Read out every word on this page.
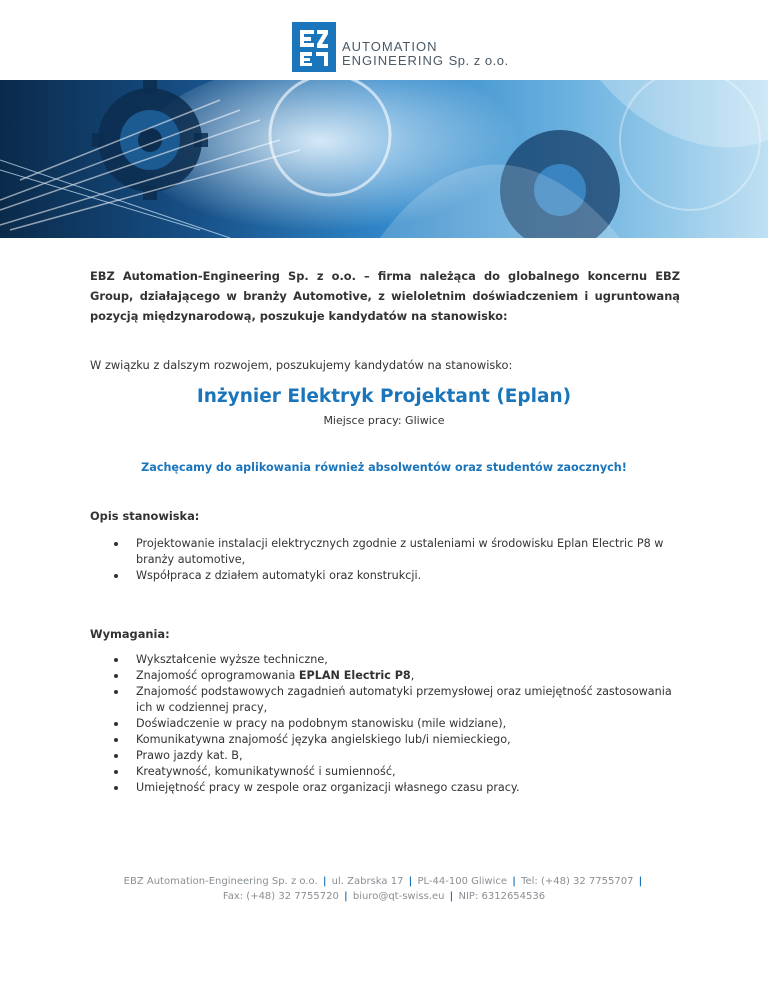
AUTOMATION
ENGINEERING Sp. z o.o.
EBZ Automation-Engineering Sp. z o.o. – firma należąca do globalnego koncernu EBZ Group, działającego w branży Automotive, z wieloletnim doświadczeniem i ugruntowaną pozycją międzynarodową, poszukuje kandydatów na stanowisko:
W związku z dalszym rozwojem, poszukujemy kandydatów na stanowisko:
Inżynier Elektryk Projektant (Eplan)
Miejsce pracy: Gliwice
Zachęcamy do aplikowania również absolwentów oraz studentów zaocznych!
Opis stanowiska:
Projektowanie instalacji elektrycznych zgodnie z ustaleniami w środowisku Eplan Electric P8 w branży automotive,
Współpraca z działem automatyki oraz konstrukcji.
Wymagania:
Wykształcenie wyższe techniczne,
Znajomość oprogramowania EPLAN Electric P8,
Znajomość podstawowych zagadnień automatyki przemysłowej oraz umiejętność zastosowania ich w codziennej pracy,
Doświadczenie w pracy na podobnym stanowisku (mile widziane),
Komunikatywna znajomość języka angielskiego lub/i niemieckiego,
Prawo jazdy kat. B,
Kreatywność, komunikatywność i sumienność,
Umiejętność pracy w zespole oraz organizacji własnego czasu pracy.
EBZ Automation-Engineering Sp. z o.o. | ul. Zabrska 17 | PL-44-100 Gliwice | Tel: (+48) 32 7755707 |
Fax: (+48) 32 7755720 | biuro@qt-swiss.eu | NIP: 6312654536
